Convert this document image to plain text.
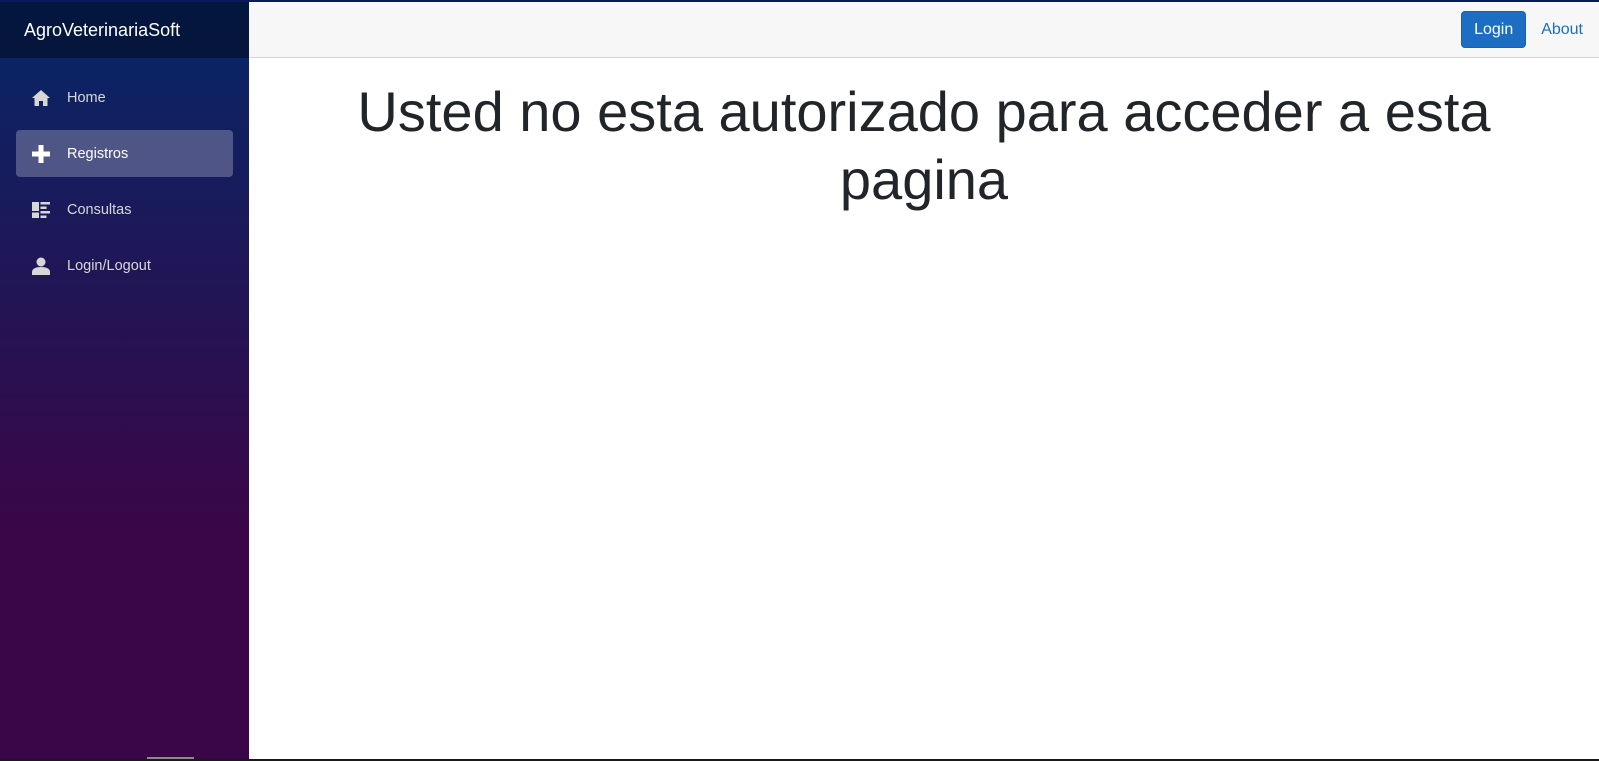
AgroVeterinariaSoft
Home
Registros
Consultas
Login/Logout
Login	About
Usted no esta autorizado para acceder a esta pagina
